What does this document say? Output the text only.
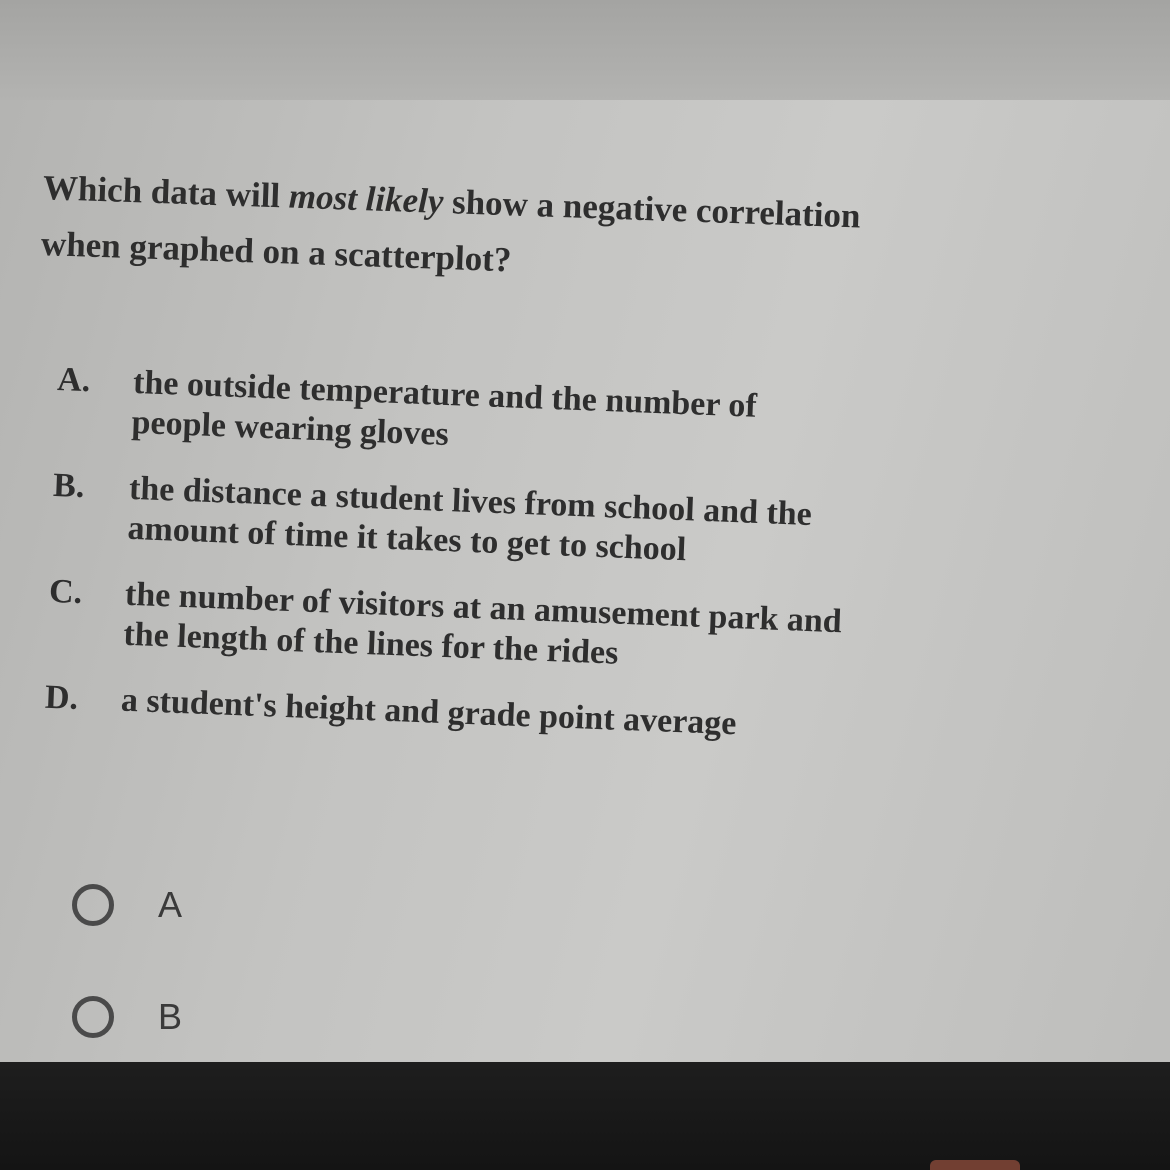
Which data will most likely show a negative correlation when graphed on a scatterplot?

A.	the outside temperature and the number of people wearing gloves
B.	the distance a student lives from school and the amount of time it takes to get to school
C.	the number of visitors at an amusement park and the length of the lines for the rides
D.	a student's height and grade point average
A
B
